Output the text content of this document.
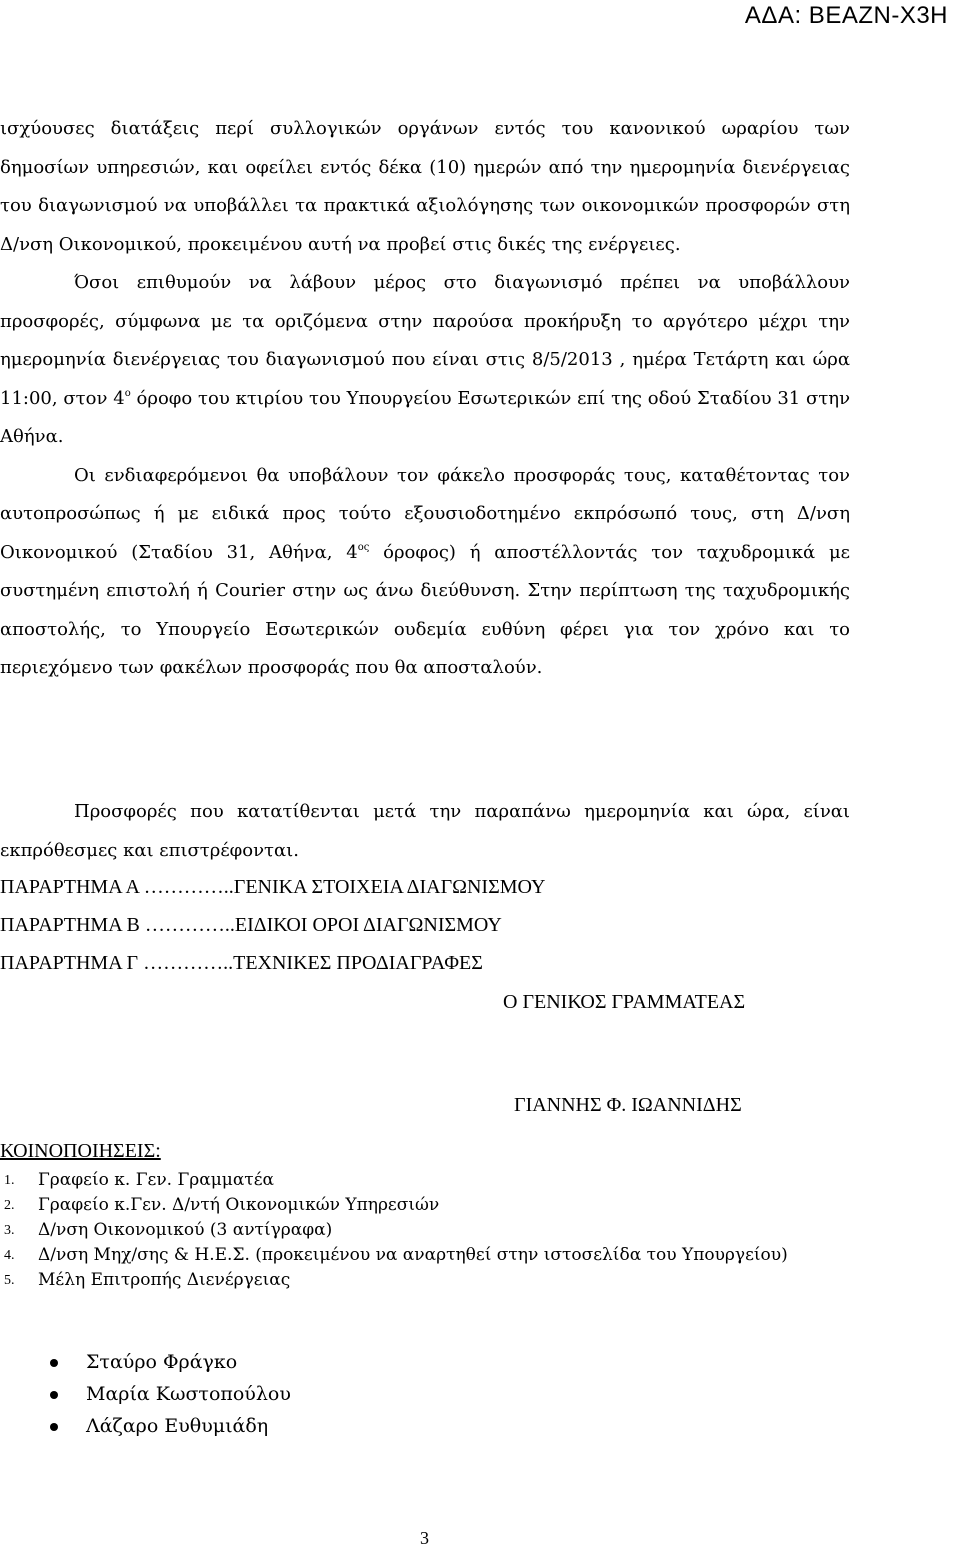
ΑΔΑ: ΒΕΑΖΝ-Χ3Η

ισχύουσες διατάξεις περί συλλογικών οργάνων εντός του κανονικού ωραρίου των δημοσίων υπηρεσιών, και οφείλει εντός δέκα (10) ημερών από την ημερομηνία διενέργειας του διαγωνισμού να υποβάλλει τα πρακτικά αξιολόγησης των οικονομικών προσφορών στη Δ/νση Οικονομικού, προκειμένου αυτή να προβεί στις δικές της ενέργειες.

Όσοι επιθυμούν να λάβουν μέρος στο διαγωνισμό πρέπει να υποβάλλουν προσφορές, σύμφωνα με τα οριζόμενα στην παρούσα προκήρυξη το αργότερο μέχρι την ημερομηνία διενέργειας του διαγωνισμού που είναι στις 8/5/2013 , ημέρα Τετάρτη και ώρα 11:00, στον $4^o$ όροφο του κτιρίου του Υπουργείου Εσωτερικών επί της οδού Σταδίου 31 στην Αθήνα.

Οι ενδιαφερόμενοι θα υποβάλουν τον φάκελο προσφοράς τους, καταθέτοντας τον αυτοπροσώπως ή με ειδικά προς τούτο εξουσιοδοτημένο εκπρόσωπό τους, στη Δ/νση Οικονομικού (Σταδίου 31, Αθήνα, $4^{o\varsigma}$ όροφος) ή αποστέλλοντάς τον ταχυδρομικά με συστημένη επιστολή ή Courier στην ως άνω διεύθυνση. Στην περίπτωση της ταχυδρομικής αποστολής, το Υπουργείο Εσωτερικών ουδεμία ευθύνη φέρει για τον χρόνο και το περιεχόμενο των φακέλων προσφοράς που θα αποσταλούν.

Προσφορές που κατατίθενται μετά την παραπάνω ημερομηνία και ώρα, είναι εκπρόθεσμες και επιστρέφονται.

ΠΑΡΑΡΤΗΜΑ Α …………..ΓΕΝΙΚΑ ΣΤΟΙΧΕΙΑ ΔΙΑΓΩΝΙΣΜΟΥ
ΠΑΡΑΡΤΗΜΑ Β …………..ΕΙΔΙΚΟΙ ΟΡΟΙ ΔΙΑΓΩΝΙΣΜΟΥ
ΠΑΡΑΡΤΗΜΑ Γ …………..ΤΕΧΝΙΚΕΣ ΠΡΟΔΙΑΓΡΑΦΕΣ
Ο ΓΕΝΙΚΟΣ ΓΡΑΜΜΑΤΕΑΣ
ΓΙΑΝΝΗΣ Φ. ΙΩΑΝΝΙΔΗΣ
ΚΟΙΝΟΠΟΙΗΣΕΙΣ:
1. Γραφείο κ. Γεν. Γραμματέα
2. Γραφείο κ.Γεν. Δ/ντή Οικονομικών Υπηρεσιών
3. Δ/νση Οικονομικού (3 αντίγραφα)
4. Δ/νση Μηχ/σης & Η.Ε.Σ. (προκειμένου να αναρτηθεί στην ιστοσελίδα του Υπουργείου)
5. Μέλη Επιτροπής Διενέργειας
Σταύρο Φράγκο
Μαρία Κωστοπούλου
Λάζαρο Ευθυμιάδη
3
